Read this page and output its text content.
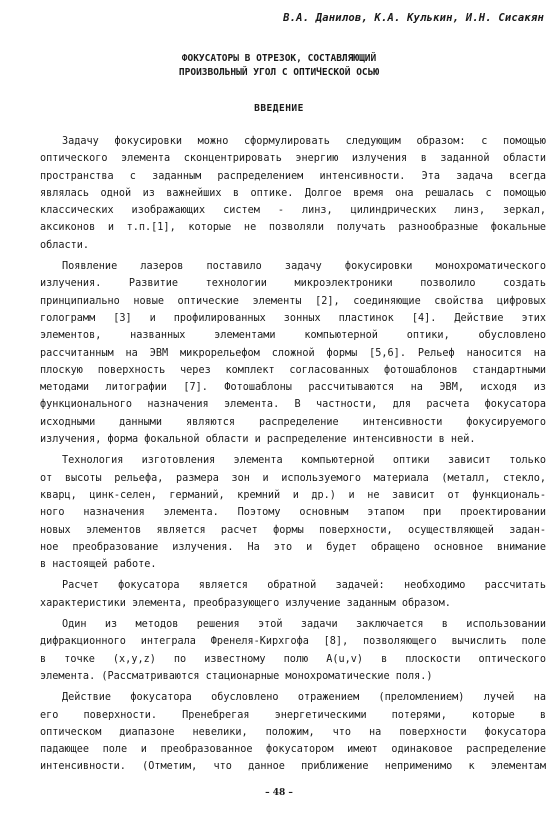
В.А. Данилов, К.А. Кулькин, И.Н. Сисакян
ФОКУСАТОРЫ В ОТРЕЗОК, СОСТАВЛЯЮЩИЙ
ПРОИЗВОЛЬНЫЙ УГОЛ С ОПТИЧЕСКОЙ ОСЬЮ
ВВЕДЕНИЕ
Задачу фокусировки можно сформулировать следующим образом: с помощью
оптического элемента сконцентрировать энергию излучения в заданной области
пространства с заданным распределением интенсивности. Эта задача всегда
являлась одной из важнейших в оптике. Долгое время она решалась с помощью
классических изображающих систем - линз, цилиндрических линз, зеркал,
аксиконов и т.п.[1], которые не позволяли получать разнообразные фокальные
области.
Появление лазеров поставило задачу фокусировки монохроматического
излучения. Развитие технологии микроэлектроники позволило создать
принципиально новые оптические элементы [2], соединяющие свойства цифровых
голограмм [3] и профилированных зонных пластинок [4]. Действие этих
элементов, названных элементами компьютерной оптики, обусловлено
рассчитанным на ЭВМ микрорельефом сложной формы [5,6]. Рельеф наносится на
плоскую поверхность через комплект согласованных фотошаблонов стандартными
методами литографии [7]. Фотошаблоны рассчитываются на ЭВМ, исходя из
функционального назначения элемента. В частности, для расчета фокусатора
исходными данными являются распределение интенсивности фокусируемого
излучения, форма фокальной области и распределение интенсивности в ней.
Технология изготовления элемента компьютерной оптики зависит только
от высоты рельефа, размера зон и используемого материала (металл, стекло,
кварц, цинк-селен, германий, кремний и др.) и не зависит от функциональ-
ного назначения элемента. Поэтому основным этапом при проектировании
новых элементов является расчет формы поверхности, осуществляющей задан-
ное преобразование излучения. На это и будет обращено основное внимание
в настоящей работе.
Расчет фокусатора является обратной задачей: необходимо рассчитать
характеристики элемента, преобразующего излучение заданным образом.
Один из методов решения этой задачи заключается в использовании
дифракционного интеграла Френеля-Кирхгофа [8], позволяющего вычислить поле
в точке (x,y,z) по известному полю A(u,v) в плоскости оптического
элемента. (Рассматриваются стационарные монохроматические поля.)
Действие фокусатора обусловлено отражением (преломлением) лучей на
его поверхности. Пренебрегая энергетическими потерями, которые в
оптическом диапазоне невелики, положим, что на поверхности фокусатора
падающее поле и преобразованное фокусатором имеют одинаковое распределение
интенсивности. (Отметим, что данное приближение неприменимо к элементам
– 48 –
